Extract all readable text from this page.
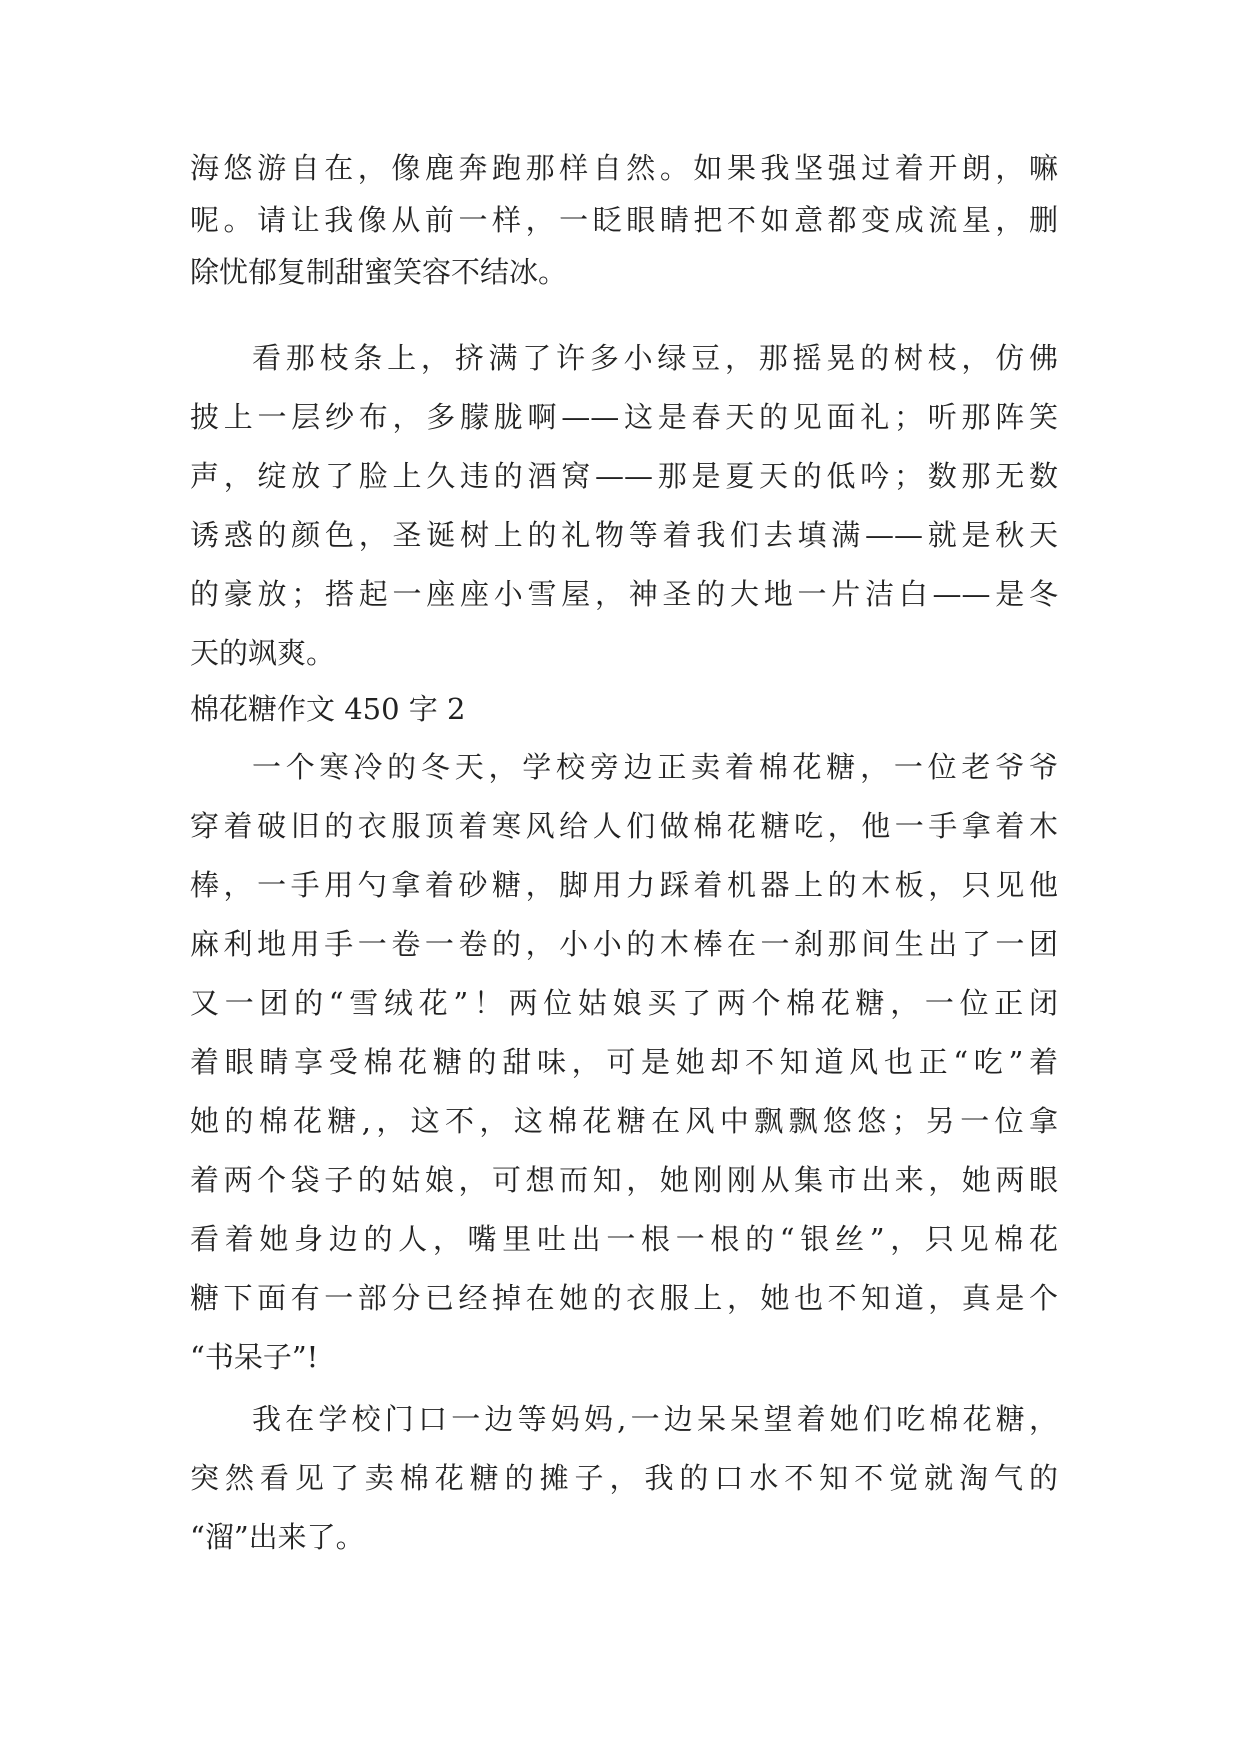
海悠游自在，像鹿奔跑那样自然。如果我坚强过着开朗，嘛
呢。请让我像从前一样，一眨眼睛把不如意都变成流星，删
除忧郁复制甜蜜笑容不结冰。
看那枝条上，挤满了许多小绿豆，那摇晃的树枝，仿佛
披上一层纱布，多朦胧啊——这是春天的见面礼；听那阵笑
声，绽放了脸上久违的酒窝——那是夏天的低吟；数那无数
诱惑的颜色，圣诞树上的礼物等着我们去填满——就是秋天
的豪放；搭起一座座小雪屋，神圣的大地一片洁白——是冬
天的飒爽。
棉花糖作文 450 字 2
一个寒冷的冬天，学校旁边正卖着棉花糖，一位老爷爷
穿着破旧的衣服顶着寒风给人们做棉花糖吃，他一手拿着木
棒，一手用勺拿着砂糖，脚用力踩着机器上的木板，只见他
麻利地用手一卷一卷的，小小的木棒在一刹那间生出了一团
又一团的“雪绒花”！两位姑娘买了两个棉花糖，一位正闭
着眼睛享受棉花糖的甜味，可是她却不知道风也正“吃”着
她的棉花糖,，这不，这棉花糖在风中飘飘悠悠；另一位拿
着两个袋子的姑娘，可想而知，她刚刚从集市出来，她两眼
看着她身边的人，嘴里吐出一根一根的“银丝”，只见棉花
糖下面有一部分已经掉在她的衣服上，她也不知道，真是个
“书呆子”!
我在学校门口一边等妈妈,一边呆呆望着她们吃棉花糖，
突然看见了卖棉花糖的摊子，我的口水不知不觉就淘气的
“溜”出来了。
